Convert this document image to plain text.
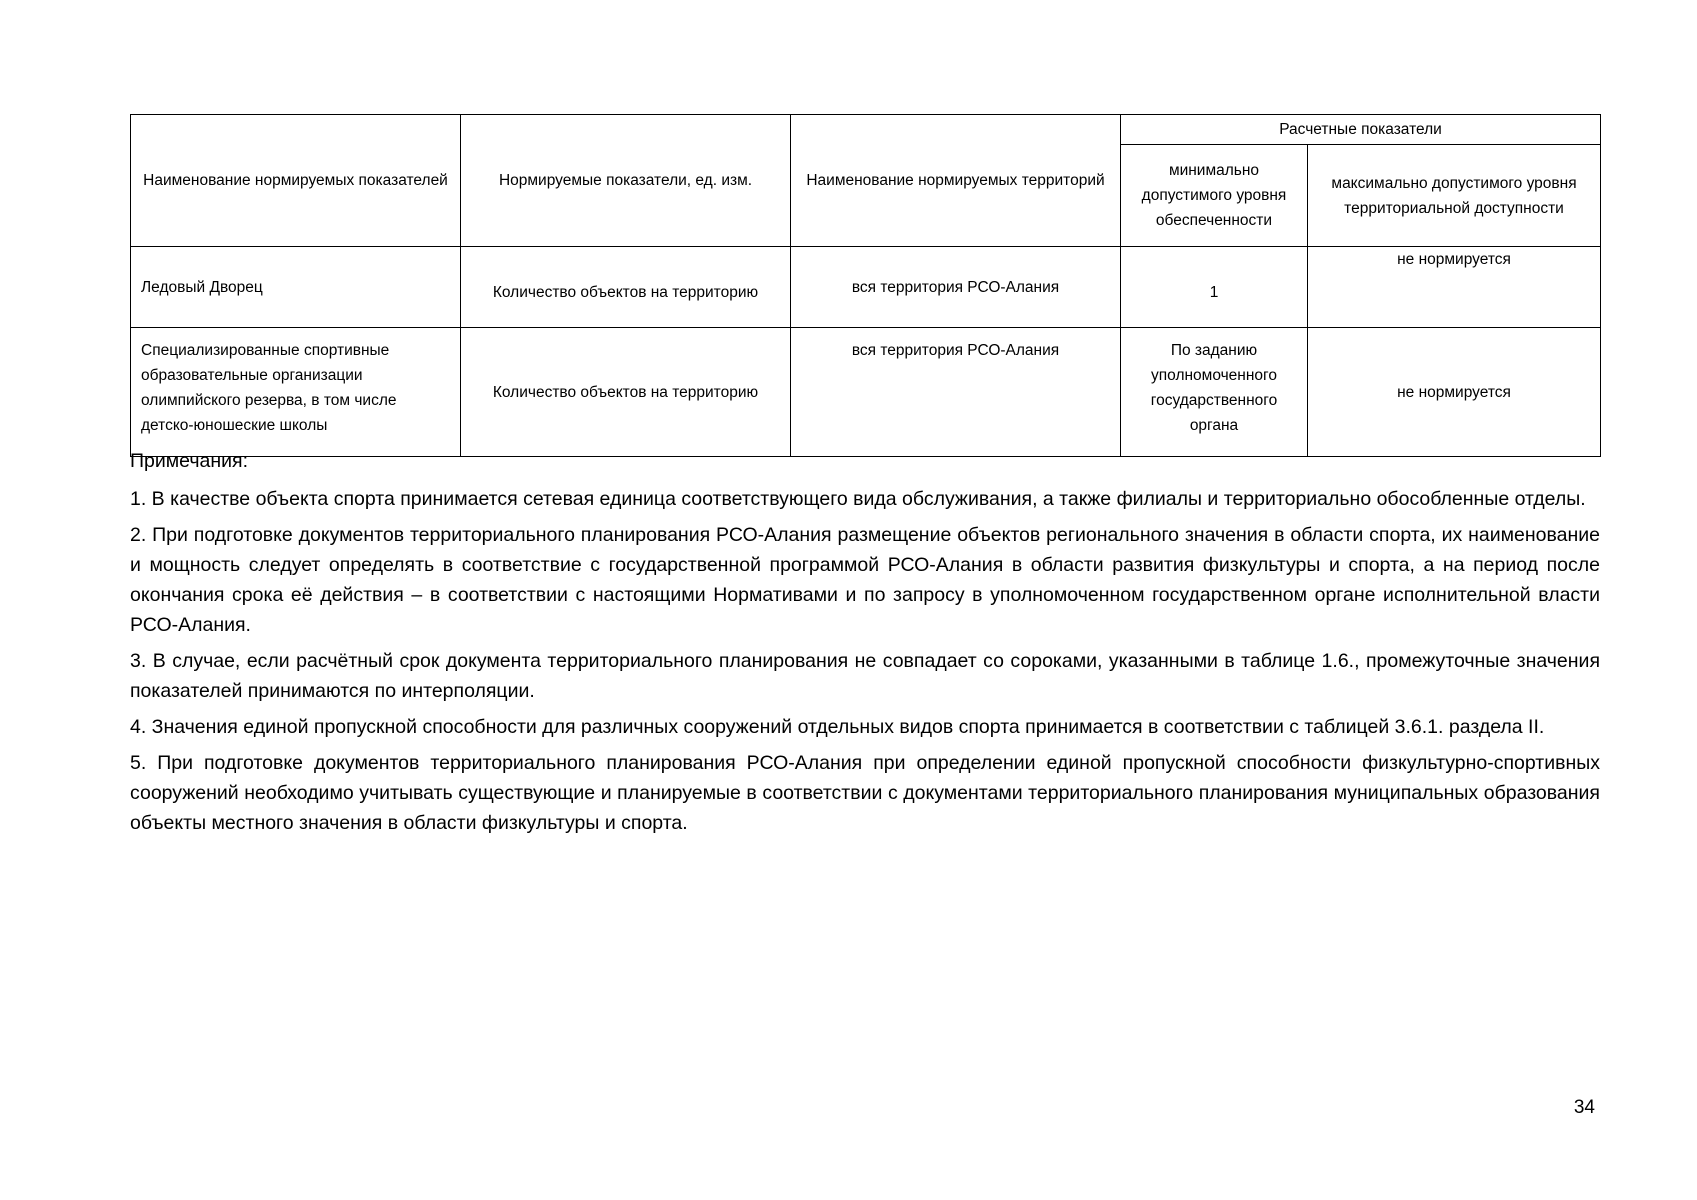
Наименование нормируемых показателей	Нормируемые показатели, ед. изм.	Наименование нормируемых территорий	Расчетные показатели	
			минимально допустимого уровня обеспеченности	максимально допустимого уровня территориальной доступности
Ледовый Дворец	Количество объектов на территорию	вся территория РСО-Алания	1	не нормируется
Специализированные спортивные образовательные организации олимпийского резерва, в том числе детско-юношеские школы	Количество объектов на территорию	вся территория РСО-Алания	По заданию уполномоченного государственного органа	не нормируется

Примечания:

1. В качестве объекта спорта принимается сетевая единица соответствующего вида обслуживания, а также филиалы и территориально обособленные отделы.

2. При подготовке документов территориального планирования РСО-Алания размещение объектов регионального значения в области спорта, их наименование и мощность следует определять в соответствие с государственной программой РСО-Алания в области развития физкультуры и спорта, а на период после окончания срока её действия – в соответствии с настоящими Нормативами и по запросу в уполномоченном государственном органе исполнительной власти РСО-Алания.

3. В случае, если расчётный срок документа территориального планирования не совпадает со сороками, указанными в таблице 1.6., промежуточные значения показателей принимаются по интерполяции.

4. Значения единой пропускной способности для различных сооружений отдельных видов спорта принимается в соответствии с таблицей 3.6.1. раздела II.

5. При подготовке документов территориального планирования РСО-Алания при определении единой пропускной способности физкультурно-спортивных сооружений необходимо учитывать существующие и планируемые в соответствии с документами территориального планирования муниципальных образования объекты местного значения в области физкультуры и спорта.

34
